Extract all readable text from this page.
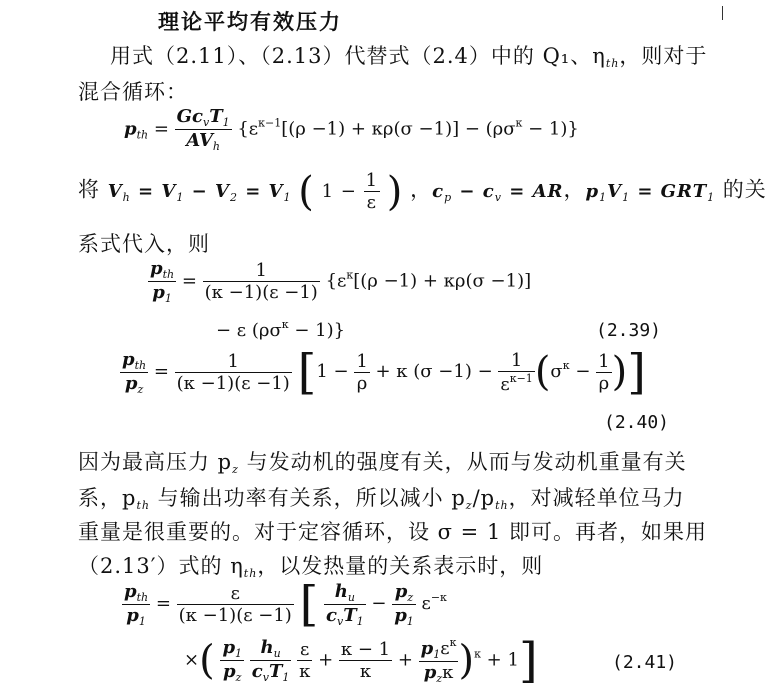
理论平均有效压力
用式（2.11）、（2.13）代替式（2.4）中的 Q₁、$\eta_{th}$，则对于
混合循环：
$p_{th} = \frac{Gc_vT_1}{AV_h} \{\varepsilon^{\kappa-1}[(\rho -1) + \kappa\rho(\sigma -1)] - (\rho\sigma^\kappa - 1)\}$
将 $V_h = V_1 - V_2 = V_1$ ( $1 - \frac{1}{\varepsilon}$ ) ，$c_p - c_v$ = AR，$p_1V_1 = GRT_1$ 的关
系式代入，则
$\frac{p_{th}}{p_1} = \frac{1}{(\kappa -1)(\varepsilon -1)} \{\varepsilon^\kappa[(\rho -1) + \kappa\rho(\sigma -1)]$
− ε $(\rho\sigma^\kappa - 1)$}	(2.39)
$\frac{p_{th}}{p_z} = \frac{1}{(\kappa -1)(\varepsilon -1)} [1 - \frac{1}{\rho} + \kappa$ $(\sigma -1) - \frac{1}{\varepsilon^{\kappa-1}} (\sigma^\kappa - \frac{1}{\rho}$ )]
(2.40)
因为最高压力 $p_z$ 与发动机的强度有关，从而与发动机重量有关
系，$p_{th}$ 与输出功率有关系，所以减小 $p_z/p_{th}$，对减轻单位马力
重量是很重要的。对于定容循环，设 σ = 1 即可。再者，如果用
（2.13′）式的 $\eta_{th}$，以发热量的关系表示时，则
$\frac{p_{th}}{p_1} = \frac{\varepsilon}{(\kappa -1)(\varepsilon -1)}$ [ $\frac{h_u}{c_vT_1} - \frac{p_z}{p_1} \varepsilon^{-\kappa}$
×( $\frac{p_1}{p_z}$
$\frac{h_u}{c_vT_1}$
$\frac{\varepsilon}{\kappa} + \frac{\kappa - 1}{\kappa} + \frac{p_1\varepsilon^\kappa}{p_z\kappa} )^\kappa + 1$]	(2.41)
